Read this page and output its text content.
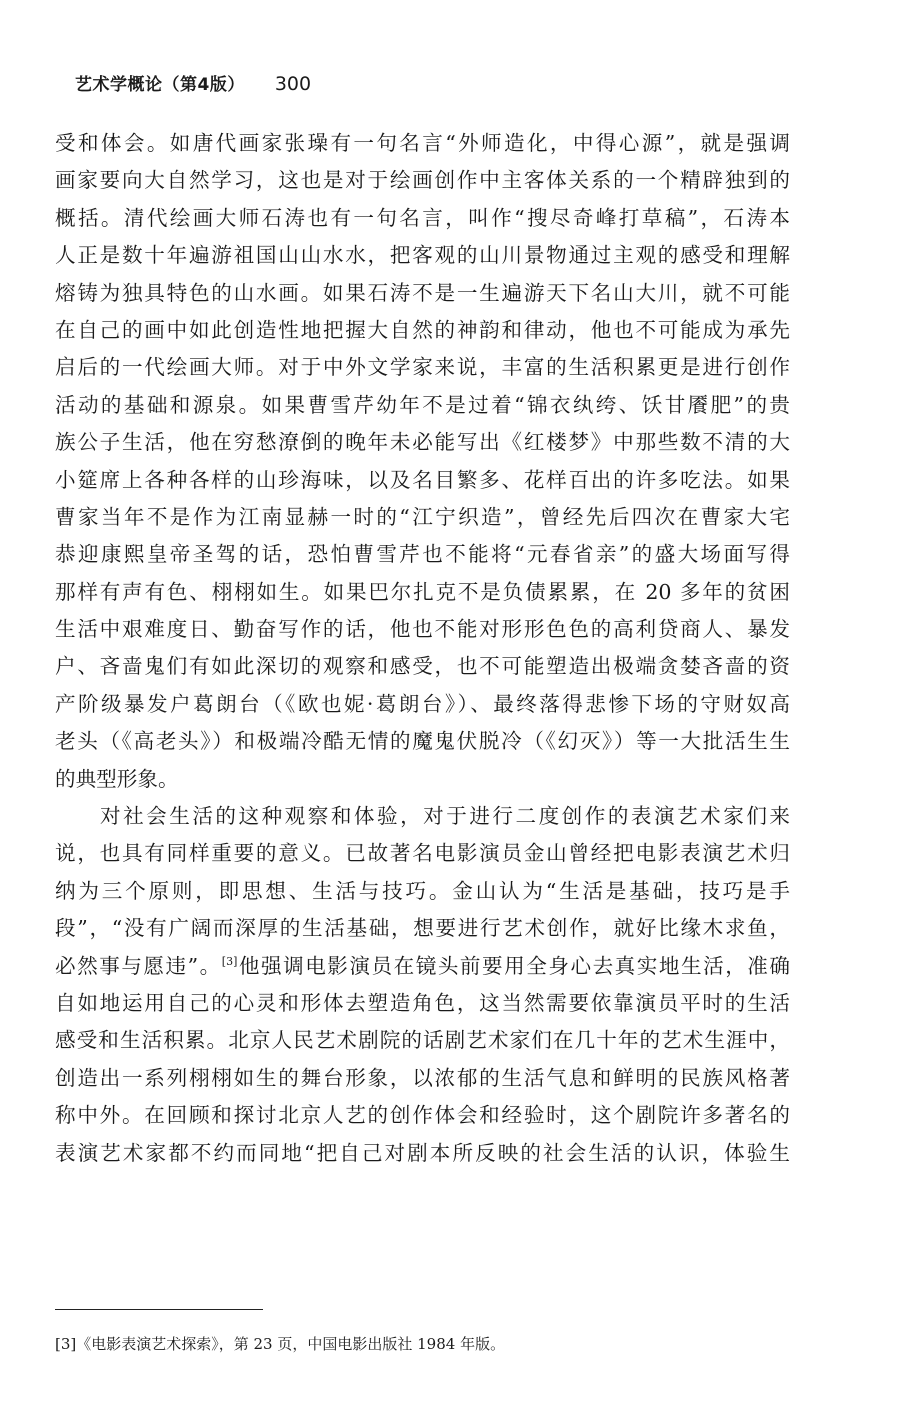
艺术学概论（第4版） 300
受和体会。如唐代画家张璪有一句名言“外师造化，中得心源”，就是强调
画家要向大自然学习，这也是对于绘画创作中主客体关系的一个精辟独到的
概括。清代绘画大师石涛也有一句名言，叫作“搜尽奇峰打草稿”，石涛本
人正是数十年遍游祖国山山水水，把客观的山川景物通过主观的感受和理解
熔铸为独具特色的山水画。如果石涛不是一生遍游天下名山大川，就不可能
在自己的画中如此创造性地把握大自然的神韵和律动，他也不可能成为承先
启后的一代绘画大师。对于中外文学家来说，丰富的生活积累更是进行创作
活动的基础和源泉。如果曹雪芹幼年不是过着“锦衣纨绔、饫甘餍肥”的贵
族公子生活，他在穷愁潦倒的晚年未必能写出《红楼梦》中那些数不清的大
小筵席上各种各样的山珍海味，以及名目繁多、花样百出的许多吃法。如果
曹家当年不是作为江南显赫一时的“江宁织造”，曾经先后四次在曹家大宅
恭迎康熙皇帝圣驾的话，恐怕曹雪芹也不能将“元春省亲”的盛大场面写得
那样有声有色、栩栩如生。如果巴尔扎克不是负债累累，在 20 多年的贫困
生活中艰难度日、勤奋写作的话，他也不能对形形色色的高利贷商人、暴发
户、吝啬鬼们有如此深切的观察和感受，也不可能塑造出极端贪婪吝啬的资
产阶级暴发户葛朗台（《欧也妮·葛朗台》）、最终落得悲惨下场的守财奴高
老头（《高老头》）和极端冷酷无情的魔鬼伏脱冷（《幻灭》）等一大批活生生
的典型形象。
对社会生活的这种观察和体验，对于进行二度创作的表演艺术家们来
说，也具有同样重要的意义。已故著名电影演员金山曾经把电影表演艺术归
纳为三个原则，即思想、生活与技巧。金山认为“生活是基础，技巧是手
段”，“没有广阔而深厚的生活基础，想要进行艺术创作，就好比缘木求鱼，
必然事与愿违”。[3]他强调电影演员在镜头前要用全身心去真实地生活，准确
自如地运用自己的心灵和形体去塑造角色，这当然需要依靠演员平时的生活
感受和生活积累。北京人民艺术剧院的话剧艺术家们在几十年的艺术生涯中，
创造出一系列栩栩如生的舞台形象，以浓郁的生活气息和鲜明的民族风格著
称中外。在回顾和探讨北京人艺的创作体会和经验时，这个剧院许多著名的
表演艺术家都不约而同地“把自己对剧本所反映的社会生活的认识，体验生
[3]《电影表演艺术探索》，第 23 页，中国电影出版社 1984 年版。
